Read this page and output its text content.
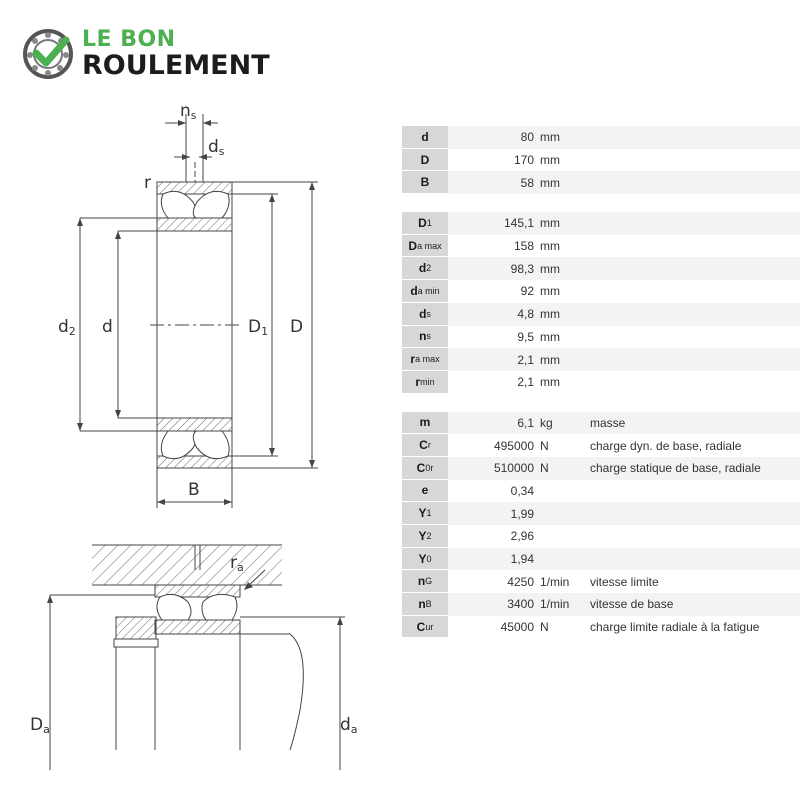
LE BON
ROULEMENT
ns
ds
r
d2 d	D1 D
B
ra
Da	da
d	80 mm
D	170 mm
B	58 mm
D 1	145,1 mm
D a max	158 mm
d 2	98,3 mm
d a min	92 mm
d s	4,8 mm
n s	9,5 mm
r a max	2,1 mm
r min	2,1 mm
m	6,1 kg	masse
C r	495000 N	charge dyn. de base, radiale
C 0r	510000 N	charge statique de base, radiale
e	0,34
Y 1	1,99
Y 2	2,96
Y 0	1,94
n G	4250 1/min	vitesse limite
n B	3400 1/min	vitesse de base
C ur	45000 N	charge limite radiale à la fatigue
